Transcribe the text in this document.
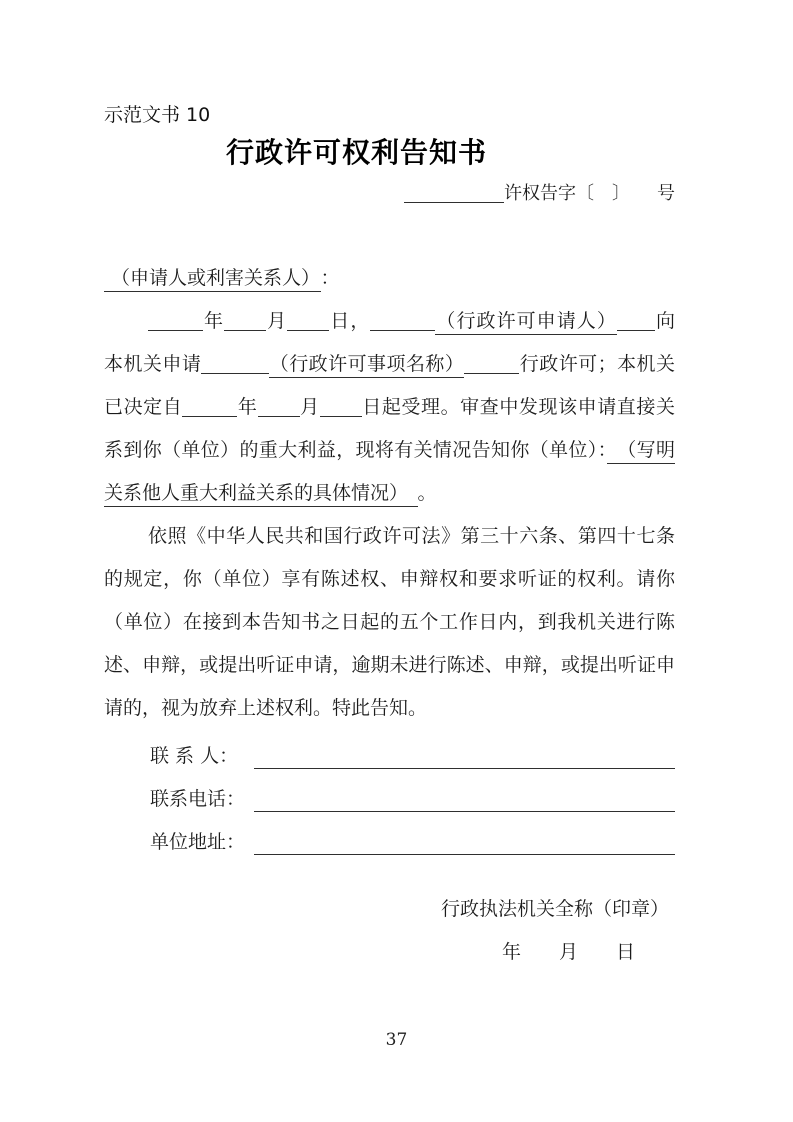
示范文书 10
行政许可权利告知书
许权告字〔　〕　　号
（申请人或利害关系人） ：

年 月 日，	（行政许可申请人） 向本机关申请	（行政许可事项名称）	行政许可；本机关已决定自	年 月 日起受理。审查中发现该申请直接关系到你（单位）的重大利益，现将有关情况告知你（单位）：　（写明关系他人重大利益关系的具体情况）　。

依照《中华人民共和国行政许可法》第三十六条、第四十七条的规定，你（单位）享有陈述权、申辩权和要求听证的权利。请你（单位）在接到本告知书之日起的五个工作日内，到我机关进行陈述、申辩，或提出听证申请，逾期未进行陈述、申辩，或提出听证申请的，视为放弃上述权利。特此告知。

联 系 人：
联系电话：
单位地址：
行政执法机关全称（印章）
年　　月　　日
37
